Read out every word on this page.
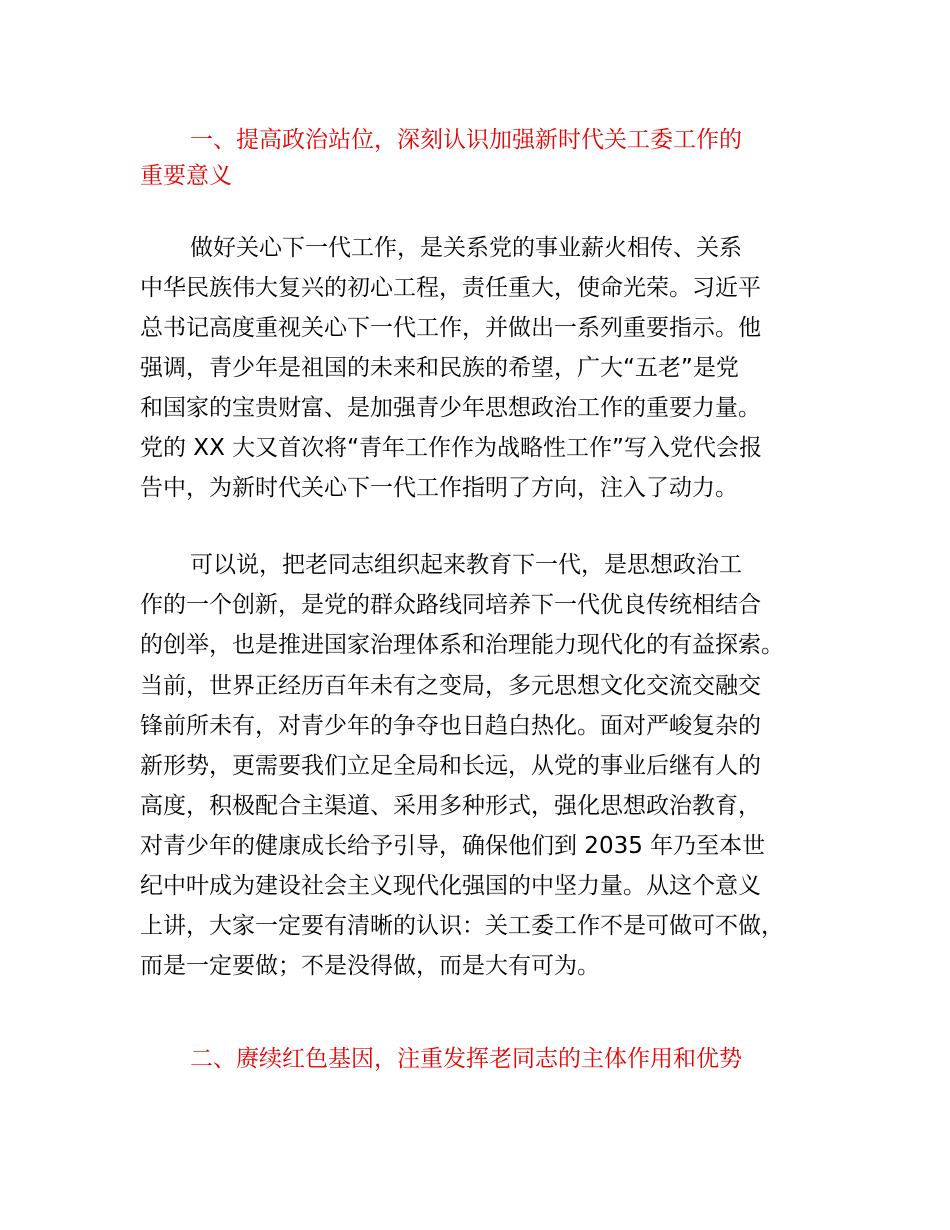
一、提高政治站位，深刻认识加强新时代关工委工作的
重要意义
做好关心下一代工作，是关系党的事业薪火相传、关系
中华民族伟大复兴的初心工程，责任重大，使命光荣。习近平
总书记高度重视关心下一代工作，并做出一系列重要指示。他
强调，青少年是祖国的未来和民族的希望，广大“五老”是党
和国家的宝贵财富、是加强青少年思想政治工作的重要力量。
党的 XX 大又首次将“青年工作作为战略性工作”写入党代会报
告中，为新时代关心下一代工作指明了方向，注入了动力。
可以说，把老同志组织起来教育下一代，是思想政治工
作的一个创新，是党的群众路线同培养下一代优良传统相结合
的创举，也是推进国家治理体系和治理能力现代化的有益探索。
当前，世界正经历百年未有之变局，多元思想文化交流交融交
锋前所未有，对青少年的争夺也日趋白热化。面对严峻复杂的
新形势，更需要我们立足全局和长远，从党的事业后继有人的
高度，积极配合主渠道、采用多种形式，强化思想政治教育，
对青少年的健康成长给予引导，确保他们到 2035 年乃至本世
纪中叶成为建设社会主义现代化强国的中坚力量。从这个意义
上讲，大家一定要有清晰的认识：关工委工作不是可做可不做，
而是一定要做；不是没得做，而是大有可为。
二、赓续红色基因，注重发挥老同志的主体作用和优势
